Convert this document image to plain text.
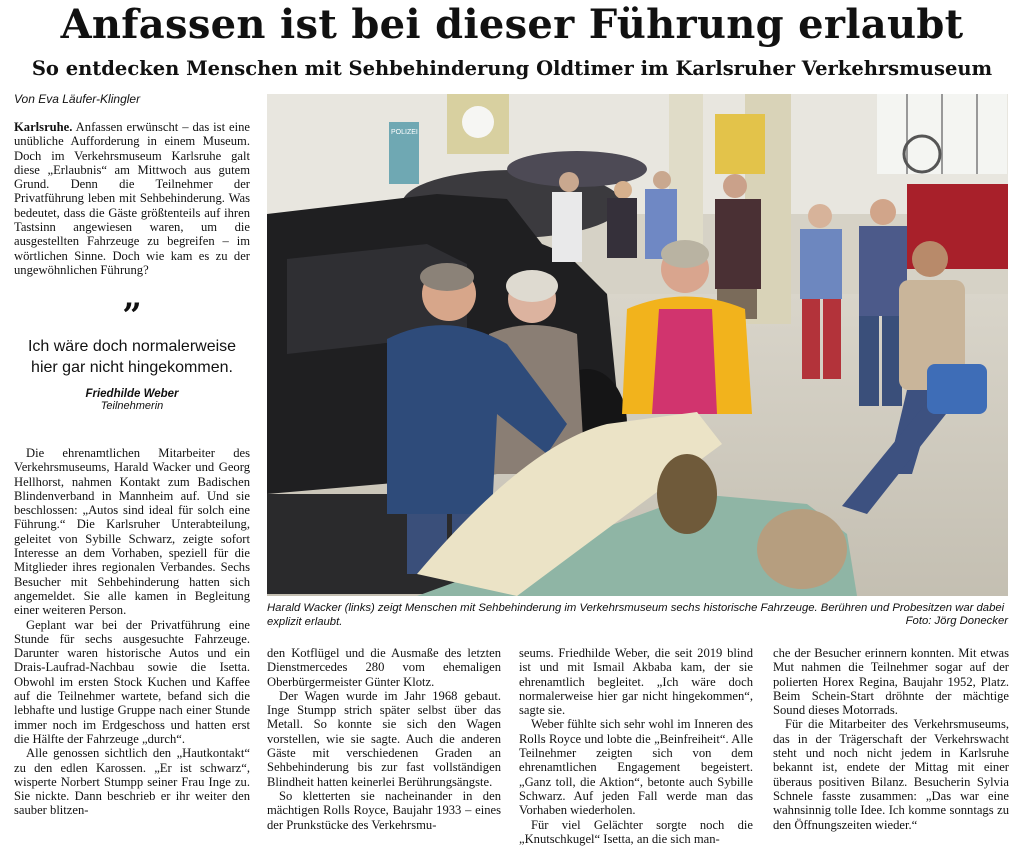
Anfassen ist bei dieser Führung erlaubt
So entdecken Menschen mit Sehbehinderung Oldtimer im Karlsruher Verkehrsmuseum
Von Eva Läufer-Klingler

Karlsruhe. Anfassen erwünscht – das ist eine unübliche Aufforderung in einem Museum. Doch im Verkehrsmuseum Karlsruhe galt diese „Erlaubnis“ am Mittwoch aus gutem Grund. Denn die Teilnehmer der Privatführung leben mit Sehbehinderung. Was bedeutet, dass die Gäste größtenteils auf ihren Tastsinn angewiesen waren, um die ausgestellten Fahrzeuge zu begreifen – im wörtlichen Sinne. Doch wie kam es zu der ungewöhnlichen Führung?

”
Ich wäre doch normalerweise hier gar nicht hingekommen.
Friedhilde Weber
Teilnehmerin

Die ehrenamtlichen Mitarbeiter des Verkehrsmuseums, Harald Wacker und Georg Hellhorst, nahmen Kontakt zum Badischen Blindenverband in Mannheim auf. Und sie beschlossen: „Autos sind ideal für solch eine Führung.“ Die Karlsruher Unterabteilung, geleitet von Sybille Schwarz, zeigte sofort Interesse an dem Vorhaben, speziell für die Mitglieder ihres regionalen Verbandes. Sechs Besucher mit Sehbehinderung hatten sich angemeldet. Sie alle kamen in Begleitung einer weiteren Person.

Geplant war bei der Privatführung eine Stunde für sechs ausgesuchte Fahrzeuge. Darunter waren historische Autos und ein Drais-Laufrad-Nachbau sowie die Isetta. Obwohl im ersten Stock Kuchen und Kaffee auf die Teilnehmer wartete, befand sich die lebhafte und lustige Gruppe nach einer Stunde immer noch im Erdgeschoss und hatten erst die Hälfte der Fahrzeuge „durch“.

Alle genossen sichtlich den „Hautkontakt“ zu den edlen Karossen. „Er ist schwarz“, wisperte Norbert Stumpp seiner Frau Inge zu. Sie nickte. Dann beschrieb er ihr weiter den sauber blitzen-

POLIZEI
Harald Wacker (links) zeigt Menschen mit Sehbehinderung im Verkehrsmuseum sechs historische Fahrzeuge. Berühren und Probesitzen war dabei explizit erlaubt.	Foto: Jörg Donecker

den Kotflügel und die Ausmaße des letzten Dienstmercedes 280 vom ehemaligen Oberbürgermeister Günter Klotz.

Der Wagen wurde im Jahr 1968 gebaut. Inge Stumpp strich später selbst über das Metall. So konnte sie sich den Wagen vorstellen, wie sie sagte. Auch die anderen Gäste mit verschiedenen Graden an Sehbehinderung bis zur fast vollständigen Blindheit hatten keinerlei Berührungsängste.

So kletterten sie nacheinander in den mächtigen Rolls Royce, Baujahr 1933 – eines der Prunkstücke des Verkehrsmu-

seums. Friedhilde Weber, die seit 2019 blind ist und mit Ismail Akbaba kam, der sie ehrenamtlich begleitet. „Ich wäre doch normalerweise hier gar nicht hingekommen“, sagte sie.

Weber fühlte sich sehr wohl im Inneren des Rolls Royce und lobte die „Beinfreiheit“. Alle Teilnehmer zeigten sich von dem ehrenamtlichen Engagement begeistert. „Ganz toll, die Aktion“, betonte auch Sybille Schwarz. Auf jeden Fall werde man das Vorhaben wiederholen.

Für viel Gelächter sorgte noch die „Knutschkugel“ Isetta, an die sich man-

che der Besucher erinnern konnten. Mit etwas Mut nahmen die Teilnehmer sogar auf der polierten Horex Regina, Baujahr 1952, Platz. Beim Schein-Start dröhnte der mächtige Sound dieses Motorrads.

Für die Mitarbeiter des Verkehrsmuseums, das in der Trägerschaft der Verkehrswacht steht und noch nicht jedem in Karlsruhe bekannt ist, endete der Mittag mit einer überaus positiven Bilanz. Besucherin Sylvia Schnele fasste zusammen: „Das war eine wahnsinnig tolle Idee. Ich komme sonntags zu den Öffnungszeiten wieder.“
